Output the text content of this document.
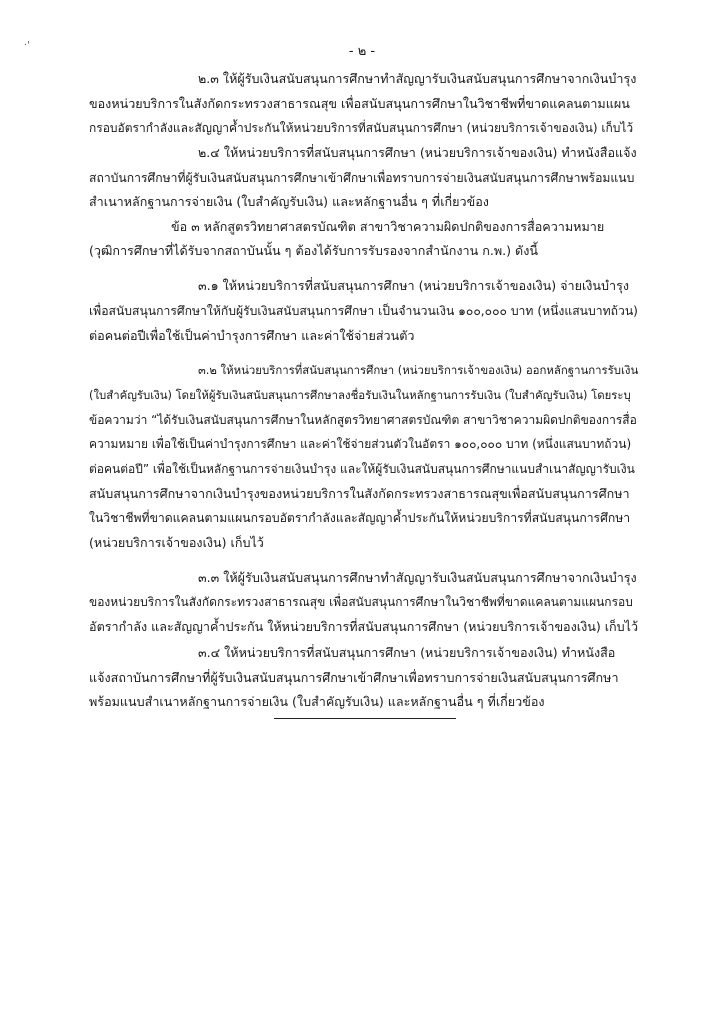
·'	- ๒ -
๒.๓ ให้ผู้รับเงินสนับสนุนการศึกษาทำสัญญารับเงินสนับสนุนการศึกษาจากเงินบำรุง
ของหน่วยบริการในสังกัดกระทรวงสาธารณสุข เพื่อสนับสนุนการศึกษาในวิชาชีพที่ขาดแคลนตามแผน
กรอบอัตรากำลังและสัญญาค้ำประกันให้หน่วยบริการที่สนับสนุนการศึกษา (หน่วยบริการเจ้าของเงิน) เก็บไว้
๒.๔ ให้หน่วยบริการที่สนับสนุนการศึกษา (หน่วยบริการเจ้าของเงิน) ทำหนังสือแจ้ง
สถาบันการศึกษาที่ผู้รับเงินสนับสนุนการศึกษาเข้าศึกษาเพื่อทราบการจ่ายเงินสนับสนุนการศึกษาพร้อมแนบ
สำเนาหลักฐานการจ่ายเงิน (ใบสำคัญรับเงิน) และหลักฐานอื่น ๆ ที่เกี่ยวข้อง
ข้อ ๓ หลักสูตรวิทยาศาสตรบัณฑิต สาขาวิชาความผิดปกติของการสื่อความหมาย
(วุฒิการศึกษาที่ได้รับจากสถาบันนั้น ๆ ต้องได้รับการรับรองจากสำนักงาน ก.พ.) ดังนี้
๓.๑ ให้หน่วยบริการที่สนับสนุนการศึกษา (หน่วยบริการเจ้าของเงิน) จ่ายเงินบำรุง
เพื่อสนับสนุนการศึกษาให้กับผู้รับเงินสนับสนุนการศึกษา เป็นจำนวนเงิน ๑๐๐,๐๐๐ บาท (หนึ่งแสนบาทถ้วน)
ต่อคนต่อปีเพื่อใช้เป็นค่าบำรุงการศึกษา และค่าใช้จ่ายส่วนตัว
๓.๒ ให้หน่วยบริการที่สนับสนุนการศึกษา (หน่วยบริการเจ้าของเงิน) ออกหลักฐานการรับเงิน
(ใบสำคัญรับเงิน) โดยให้ผู้รับเงินสนับสนุนการศึกษาลงชื่อรับเงินในหลักฐานการรับเงิน (ใบสำคัญรับเงิน) โดยระบุ
ข้อความว่า “ได้รับเงินสนับสนุนการศึกษาในหลักสูตรวิทยาศาสตรบัณฑิต สาขาวิชาความผิดปกติของการสื่อ
ความหมาย เพื่อใช้เป็นค่าบำรุงการศึกษา และค่าใช้จ่ายส่วนตัวในอัตรา ๑๐๐,๐๐๐ บาท (หนึ่งแสนบาทถ้วน)
ต่อคนต่อปี” เพื่อใช้เป็นหลักฐานการจ่ายเงินบำรุง และให้ผู้รับเงินสนับสนุนการศึกษาแนบสำเนาสัญญารับเงิน
สนับสนุนการศึกษาจากเงินบำรุงของหน่วยบริการในสังกัดกระทรวงสาธารณสุขเพื่อสนับสนุนการศึกษา
ในวิชาชีพที่ขาดแคลนตามแผนกรอบอัตรากำลังและสัญญาค้ำประกันให้หน่วยบริการที่สนับสนุนการศึกษา
(หน่วยบริการเจ้าของเงิน) เก็บไว้
๓.๓ ให้ผู้รับเงินสนับสนุนการศึกษาทำสัญญารับเงินสนับสนุนการศึกษาจากเงินบำรุง
ของหน่วยบริการในสังกัดกระทรวงสาธารณสุข เพื่อสนับสนุนการศึกษาในวิชาชีพที่ขาดแคลนตามแผนกรอบ
อัตรากำลัง และสัญญาค้ำประกัน ให้หน่วยบริการที่สนับสนุนการศึกษา (หน่วยบริการเจ้าของเงิน) เก็บไว้
๓.๔ ให้หน่วยบริการที่สนับสนุนการศึกษา (หน่วยบริการเจ้าของเงิน) ทำหนังสือ
แจ้งสถาบันการศึกษาที่ผู้รับเงินสนับสนุนการศึกษาเข้าศึกษาเพื่อทราบการจ่ายเงินสนับสนุนการศึกษา
พร้อมแนบสำเนาหลักฐานการจ่ายเงิน (ใบสำคัญรับเงิน) และหลักฐานอื่น ๆ ที่เกี่ยวข้อง
